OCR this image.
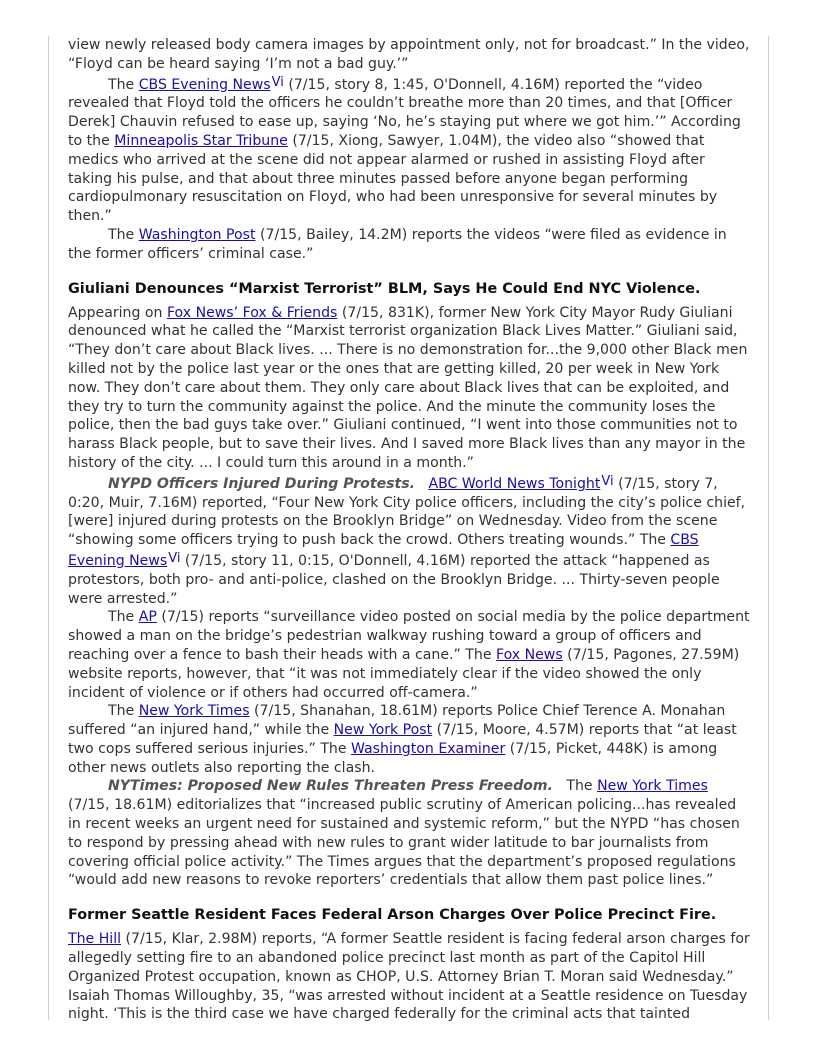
view newly released body camera images by appointment only, not for broadcast.” In the video, “Floyd can be heard saying ‘I’m not a bad guy.’”

The CBS Evening NewsVi (7/15, story 8, 1:45, O'Donnell, 4.16M) reported the “video revealed that Floyd told the officers he couldn’t breathe more than 20 times, and that [Officer Derek] Chauvin refused to ease up, saying ‘No, he’s staying put where we got him.’” According to the Minneapolis Star Tribune (7/15, Xiong, Sawyer, 1.04M), the video also “showed that medics who arrived at the scene did not appear alarmed or rushed in assisting Floyd after taking his pulse, and that about three minutes passed before anyone began performing cardiopulmonary resuscitation on Floyd, who had been unresponsive for several minutes by then.”

The Washington Post (7/15, Bailey, 14.2M) reports the videos “were filed as evidence in the former officers’ criminal case.”

Giuliani Denounces “Marxist Terrorist” BLM, Says He Could End NYC Violence.

Appearing on Fox News’ Fox & Friends (7/15, 831K), former New York City Mayor Rudy Giuliani denounced what he called the “Marxist terrorist organization Black Lives Matter.” Giuliani said, “They don’t care about Black lives. ... There is no demonstration for...the 9,000 other Black men killed not by the police last year or the ones that are getting killed, 20 per week in New York now. They don’t care about them. They only care about Black lives that can be exploited, and they try to turn the community against the police. And the minute the community loses the police, then the bad guys take over.” Giuliani continued, “I went into those communities not to harass Black people, but to save their lives. And I saved more Black lives than any mayor in the history of the city. ... I could turn this around in a month.”

NYPD Officers Injured During Protests. ABC World News TonightVi (7/15, story 7, 0:20, Muir, 7.16M) reported, “Four New York City police officers, including the city’s police chief, [were] injured during protests on the Brooklyn Bridge” on Wednesday. Video from the scene “showing some officers trying to push back the crowd. Others treating wounds.” The CBS Evening NewsVi (7/15, story 11, 0:15, O'Donnell, 4.16M) reported the attack “happened as protestors, both pro- and anti-police, clashed on the Brooklyn Bridge. ... Thirty-seven people were arrested.”

The AP (7/15) reports “surveillance video posted on social media by the police department showed a man on the bridge’s pedestrian walkway rushing toward a group of officers and reaching over a fence to bash their heads with a cane.” The Fox News (7/15, Pagones, 27.59M) website reports, however, that “it was not immediately clear if the video showed the only incident of violence or if others had occurred off-camera.”

The New York Times (7/15, Shanahan, 18.61M) reports Police Chief Terence A. Monahan suffered “an injured hand,” while the New York Post (7/15, Moore, 4.57M) reports that “at least two cops suffered serious injuries.” The Washington Examiner (7/15, Picket, 448K) is among other news outlets also reporting the clash.

NYTimes: Proposed New Rules Threaten Press Freedom. The New York Times (7/15, 18.61M) editorializes that “increased public scrutiny of American policing...has revealed in recent weeks an urgent need for sustained and systemic reform,” but the NYPD “has chosen to respond by pressing ahead with new rules to grant wider latitude to bar journalists from covering official police activity.” The Times argues that the department’s proposed regulations “would add new reasons to revoke reporters’ credentials that allow them past police lines.”

Former Seattle Resident Faces Federal Arson Charges Over Police Precinct Fire.

The Hill (7/15, Klar, 2.98M) reports, “A former Seattle resident is facing federal arson charges for allegedly setting fire to an abandoned police precinct last month as part of the Capitol Hill Organized Protest occupation, known as CHOP, U.S. Attorney Brian T. Moran said Wednesday.” Isaiah Thomas Willoughby, 35, “was arrested without incident at a Seattle residence on Tuesday night. ‘This is the third case we have charged federally for the criminal acts that tainted
